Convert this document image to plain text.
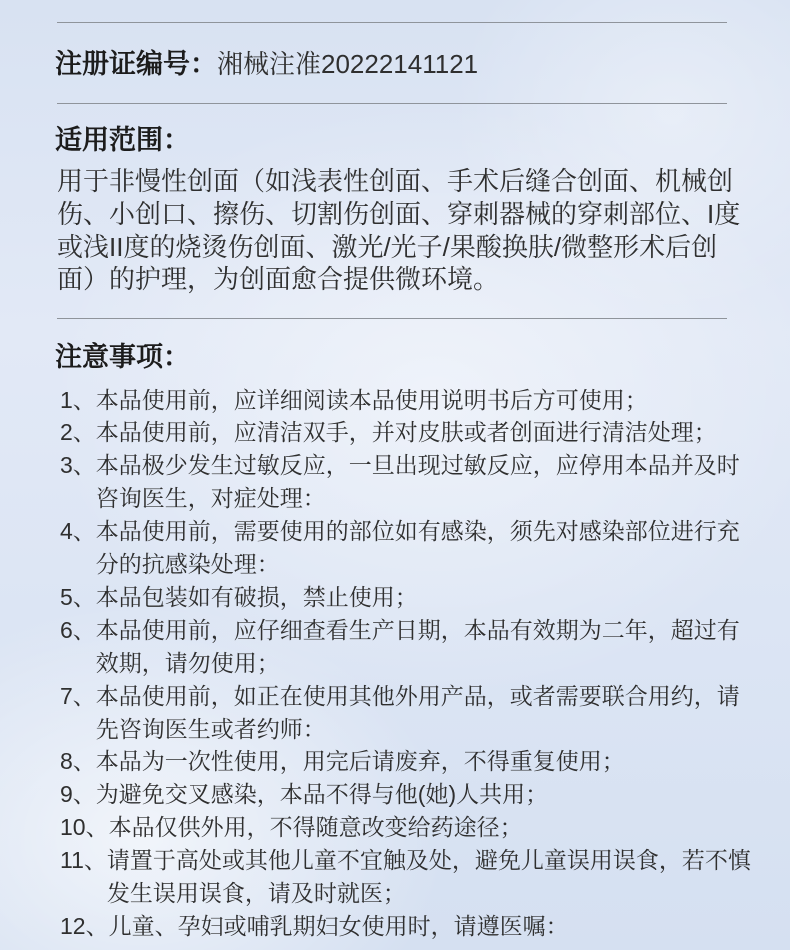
注册证编号：湘械注准20222141121
适用范围：
用于非慢性创面（如浅表性创面、手术后缝合创面、机械创
伤、小创口、擦伤、切割伤创面、穿刺器械的穿刺部位、I度
或浅II度的烧烫伤创面、激光/光子/果酸换肤/微整形术后创
面）的护理，为创面愈合提供微环境。
注意事项：
1、 本品使用前，应详细阅读本品使用说明书后方可使用；
2、 本品使用前，应清洁双手，并对皮肤或者创面进行清洁处理；
3、 本品极少发生过敏反应，一旦出现过敏反应，应停用本品并及时
咨询医生，对症处理：
4、 本品使用前，需要使用的部位如有感染，须先对感染部位进行充
分的抗感染处理：
5、 本品包装如有破损，禁止使用；
6、 本品使用前，应仔细查看生产日期，本品有效期为二年，超过有
效期，请勿使用；
7、 本品使用前，如正在使用其他外用产品，或者需要联合用约，请
先咨询医生或者约师：
8、 本品为一次性使用，用完后请废弃，不得重复使用；
9、 为避免交叉感染，本品不得与他(她)人共用；
10、 本品仅供外用，不得随意改变给药途径；
11、 请置于高处或其他儿童不宜触及处，避免儿童误用误食，若不慎
发生误用误食，请及时就医；
12、 儿童、孕妇或哺乳期妇女使用时，请遵医嘱：
